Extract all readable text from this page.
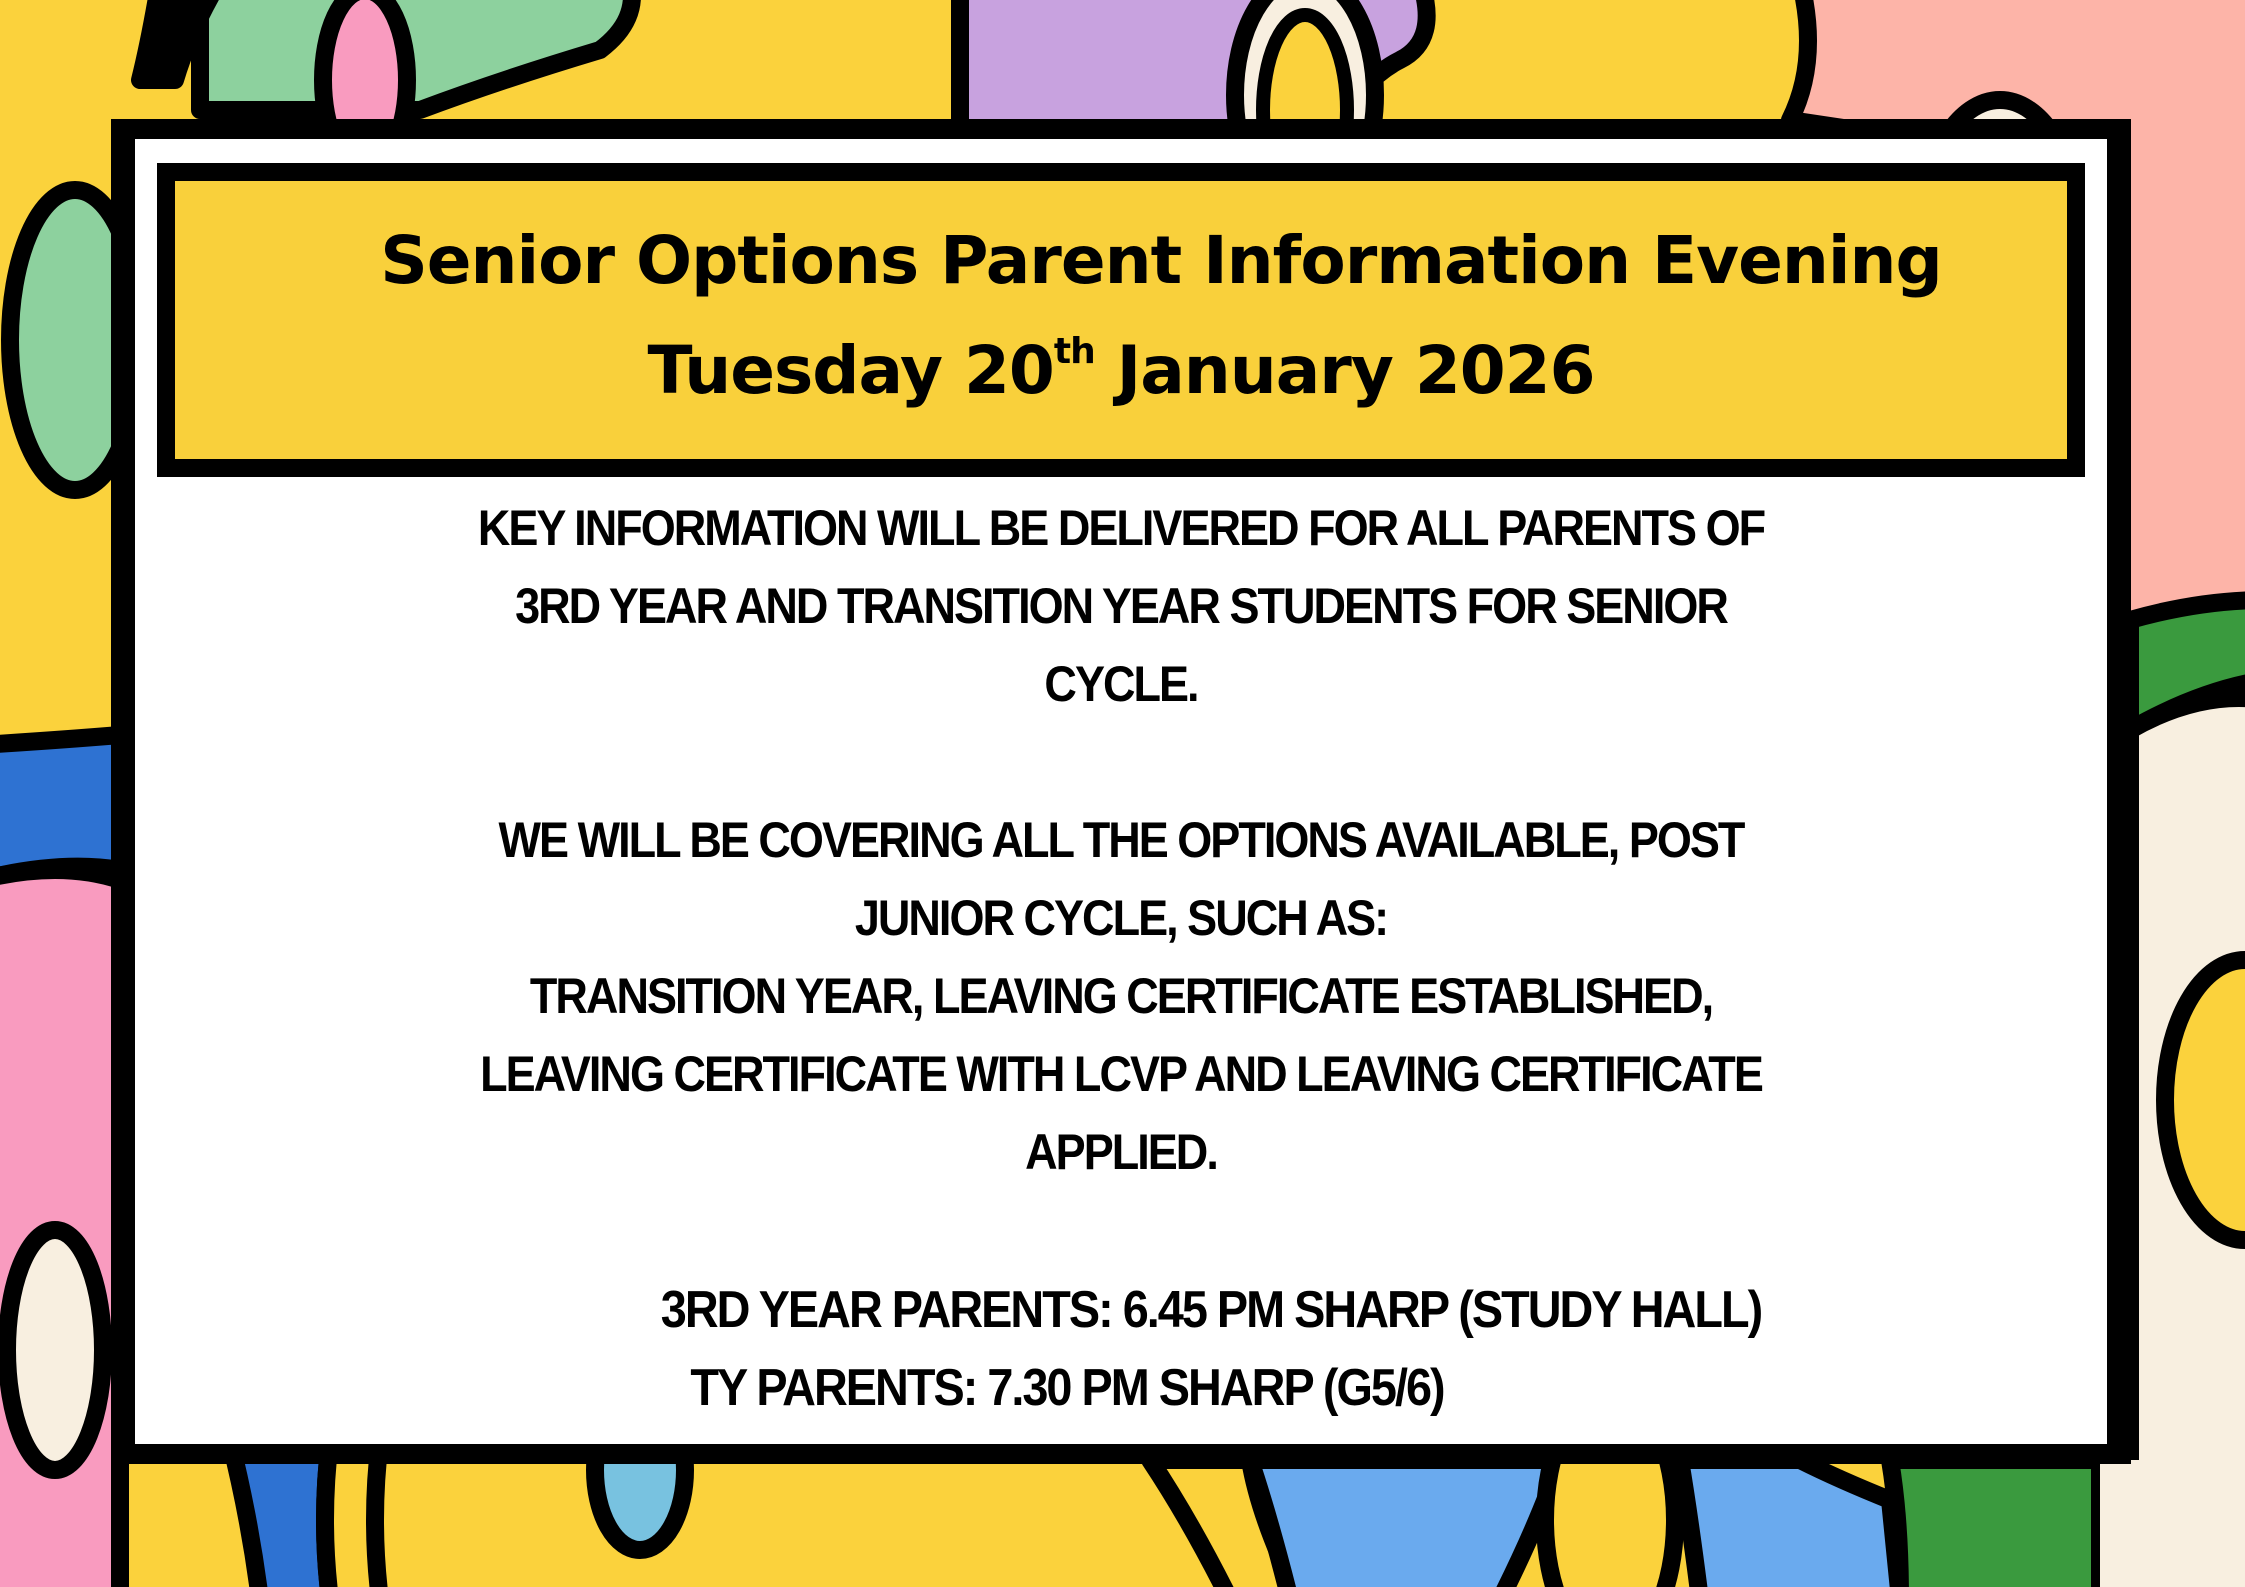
Senior Options Parent Information Evening
Tuesday 20th January 2026

KEY INFORMATION WILL BE DELIVERED FOR ALL PARENTS OF

3RD YEAR AND TRANSITION YEAR STUDENTS FOR SENIOR

CYCLE.

WE WILL BE COVERING ALL THE OPTIONS AVAILABLE, POST

JUNIOR CYCLE, SUCH AS:

TRANSITION YEAR, LEAVING CERTIFICATE ESTABLISHED,

LEAVING CERTIFICATE WITH LCVP AND LEAVING CERTIFICATE

APPLIED.

3RD YEAR PARENTS: 6.45 PM SHARP (STUDY HALL)

TY PARENTS: 7.30 PM SHARP (G5/6)
